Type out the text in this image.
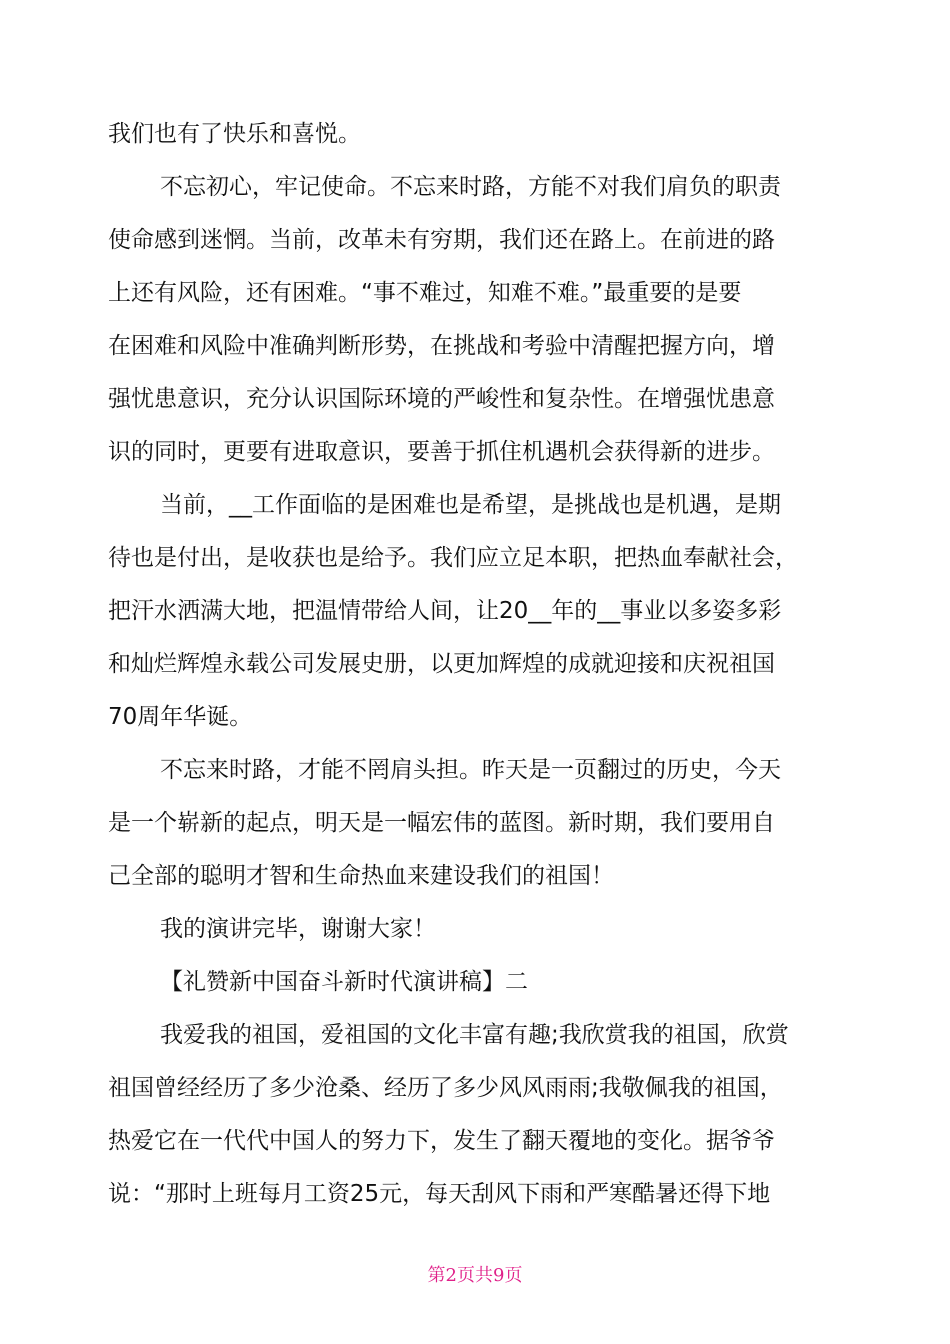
我们也有了快乐和喜悦。
不忘初心，牢记使命。不忘来时路，方能不对我们肩负的职责
使命感到迷惘。当前，改革未有穷期，我们还在路上。在前进的路
上还有风险，还有困难。“事不难过，知难不难。”最重要的是要
在困难和风险中准确判断形势，在挑战和考验中清醒把握方向，增
强忧患意识，充分认识国际环境的严峻性和复杂性。在增强忧患意
识的同时，更要有进取意识，要善于抓住机遇机会获得新的进步。
当前，__工作面临的是困难也是希望，是挑战也是机遇，是期
待也是付出，是收获也是给予。我们应立足本职，把热血奉献社会，
把汗水洒满大地，把温情带给人间，让20__年的__事业以多姿多彩
和灿烂辉煌永载公司发展史册，以更加辉煌的成就迎接和庆祝祖国
70周年华诞。
不忘来时路，才能不罔肩头担。昨天是一页翻过的历史，今天
是一个崭新的起点，明天是一幅宏伟的蓝图。新时期，我们要用自
己全部的聪明才智和生命热血来建设我们的祖国！
我的演讲完毕，谢谢大家！
【礼赞新中国奋斗新时代演讲稿】二
我爱我的祖国，爱祖国的文化丰富有趣;我欣赏我的祖国，欣赏
祖国曾经经历了多少沧桑、经历了多少风风雨雨;我敬佩我的祖国，
热爱它在一代代中国人的努力下，发生了翻天覆地的变化。据爷爷
说：“那时上班每月工资25元，每天刮风下雨和严寒酷暑还得下地
第2页共9页
